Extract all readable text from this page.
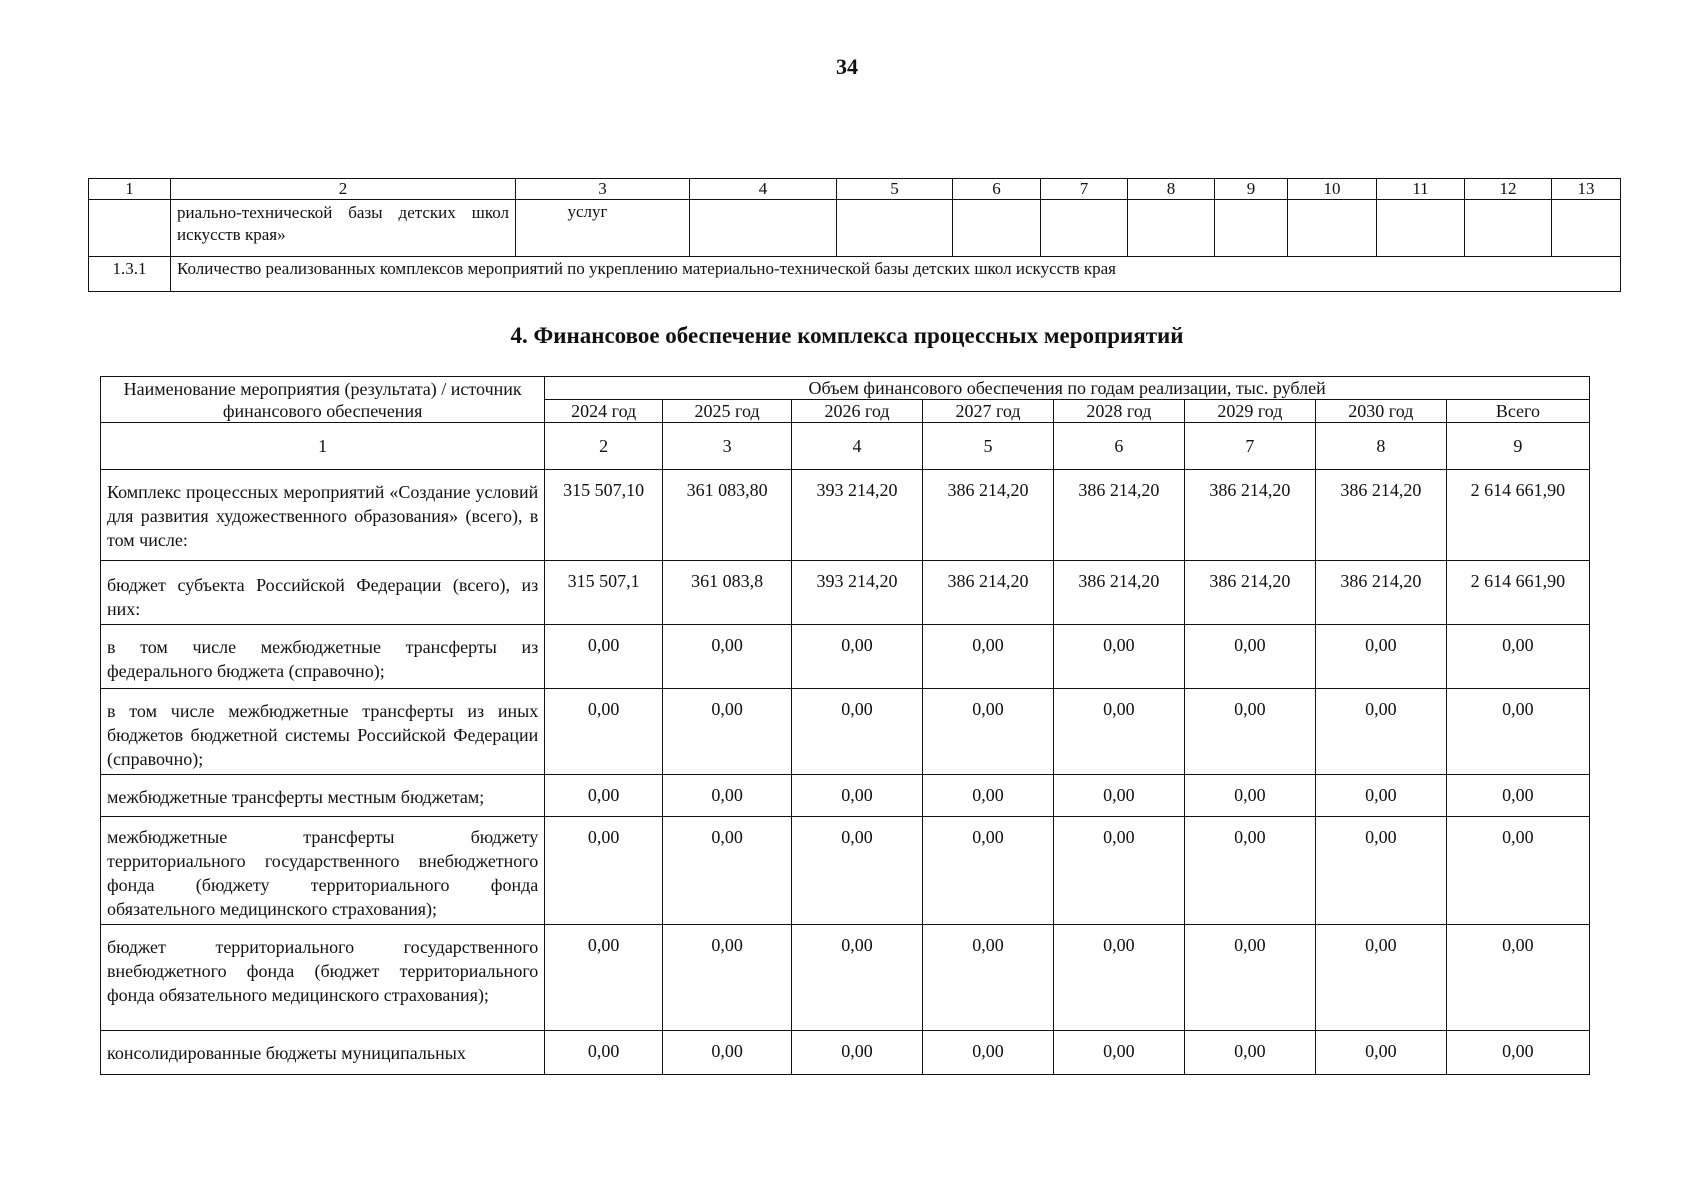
34
1	2	3	4	5	6	7	8	9	10	11	12	13
	риально-технической базы детских школ искусств края»	услуг										
1.3.1	Количество реализованных комплексов мероприятий по укреплению материально-технической базы детских школ искусств края											
4. Финансовое обеспечение комплекса процессных мероприятий
Наименование мероприятия (результата) / источник финансового обеспечения	Объем финансового обеспечения по годам реализации, тыс. рублей							
	2024 год	2025 год	2026 год	2027 год	2028 год	2029 год	2030 год	Всего
1	2	3	4	5	6	7	8	9
Комплекс процессных мероприятий «Создание условий для развития художественного образования» (всего), в том числе:	315 507,10	361 083,80	393 214,20	386 214,20	386 214,20	386 214,20	386 214,20	2 614 661,90
бюджет субъекта Российской Федерации (всего), из них:	315 507,1	361 083,8	393 214,20	386 214,20	386 214,20	386 214,20	386 214,20	2 614 661,90
в том числе межбюджетные трансферты из федерального бюджета (справочно);	0,00	0,00	0,00	0,00	0,00	0,00	0,00	0,00
в том числе межбюджетные трансферты из иных бюджетов бюджетной системы Российской Федерации (справочно);	0,00	0,00	0,00	0,00	0,00	0,00	0,00	0,00
межбюджетные трансферты местным бюджетам;	0,00	0,00	0,00	0,00	0,00	0,00	0,00	0,00
межбюджетные трансферты бюджету территориального государственного внебюджетного фонда (бюджету территориального фонда обязательного медицинского страхования);	0,00	0,00	0,00	0,00	0,00	0,00	0,00	0,00
бюджет территориального государственного внебюджетного фонда (бюджет территориального фонда обязательного медицинского страхования);	0,00	0,00	0,00	0,00	0,00	0,00	0,00	0,00
консолидированные бюджеты муниципальных	0,00	0,00	0,00	0,00	0,00	0,00	0,00	0,00
